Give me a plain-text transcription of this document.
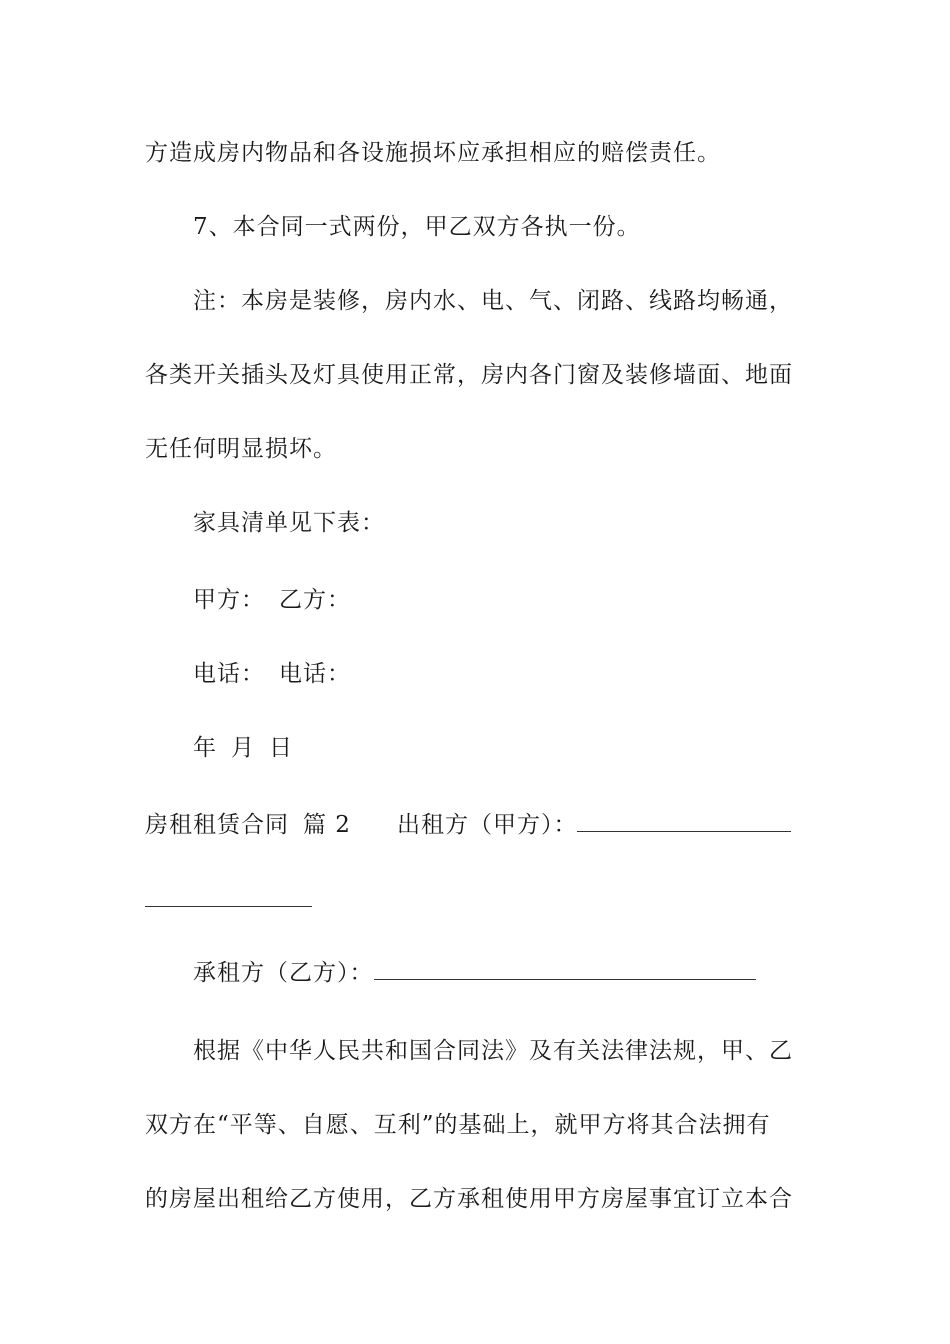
方造成房内物品和各设施损坏应承担相应的赔偿责任。
7、本合同一式两份，甲乙双方各执一份。
注：本房是装修，房内水、电、气、闭路、线路均畅通，
各类开关插头及灯具使用正常，房内各门窗及装修墙面、地面
无任何明显损坏。
家具清单见下表：
甲方： 乙方：
电话： 电话：
年 月 日
房租租赁合同 篇 2 出租方（甲方）：
承租方（乙方）：
根据《中华人民共和国合同法》及有关法律法规，甲、乙
双方在“平等、自愿、互利”的基础上，就甲方将其合法拥有
的房屋出租给乙方使用，乙方承租使用甲方房屋事宜订立本合
